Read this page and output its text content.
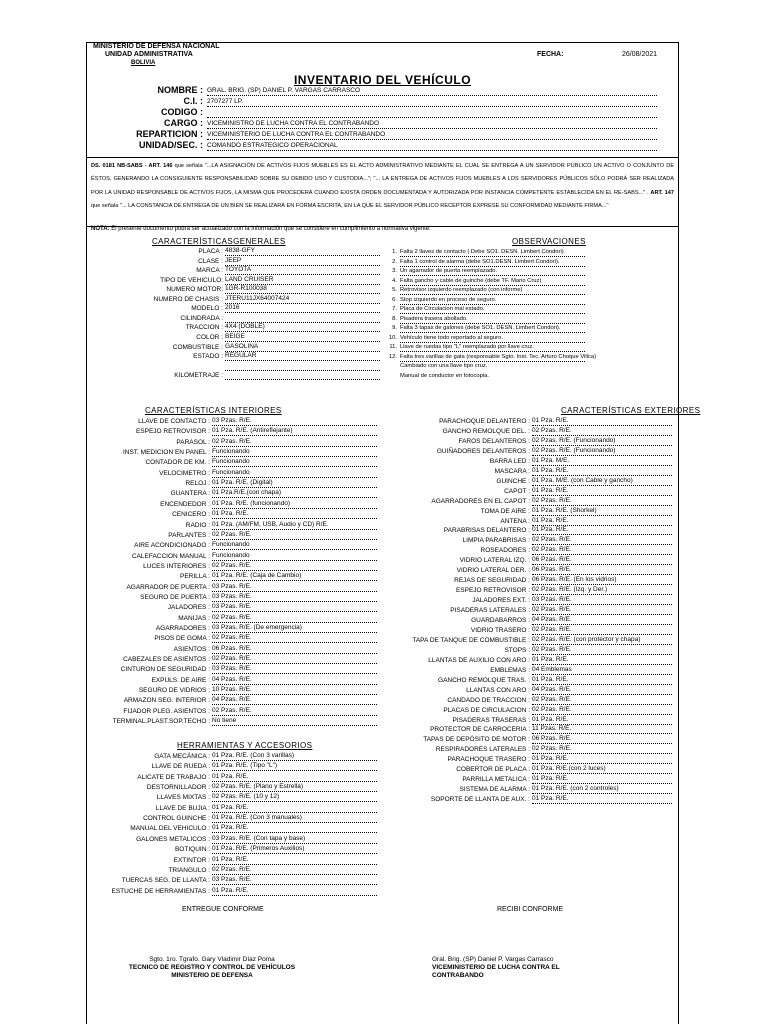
MINISTERIO DE DEFENSA NACIONAL
UNIDAD ADMINISTRATIVA
BOLIVIA
FECHA:	26/08/2021
INVENTARIO DEL VEHÍCULO
NOMBRE : GRAL. BRIG. (SP) DANIEL P. VARGAS CARRASCO
C.I. : 2707277 LP.
CODIGO :
CARGO : VICEMINISTRO DE LUCHA CONTRA EL CONTRABANDO
REPARTICION : VICEMINISTERIO DE LUCHA CONTRA EL CONTRABANDO
UNIDAD/SEC. : COMANDO ESTRATEGICO OPERACIONAL
DS. 0181 NB-SABS - ART. 146 que señala "...LA ASIGNACIÓN DE ACTIVOS FIJOS MUEBLES ES EL ACTO ADMINISTRATIVO MEDIANTE EL CUAL SE ENTREGA A UN SERVIDOR PÚBLICO UN ACTIVO O CONJUNTO DE ÉSTOS, GENERANDO LA CONSIGUIENTE RESPONSABILIDAD SOBRE SU DEBIDO USO Y CUSTODIA..."; "... LA ENTREGA DE ACTIVOS FIJOS MUEBLES A LOS SERVIDORES PÚBLICOS SÓLO PODRÁ SER REALIZADA POR LA UNIDAD RESPONSABLE DE ACTIVOS FIJOS, LA MISMA QUE PROCEDERÁ CUANDO EXISTA ORDEN DOCUMENTADA Y AUTORIZADA POR INSTANCIA COMPETENTE ESTABLECIDA EN EL RE-SABS..." . ART. 147 que señala "... LA CONSTANCIA DE ENTREGA DE UN BIEN SE REALIZARÁ EN FORMA ESCRITA, EN LA QUE EL SERVIDOR PÚBLICO RECEPTOR EXPRESE SU CONFORMIDAD MEDIANTE FIRMA..."
NOTA: El presente documento podrá ser actualizado con la información que se considere en cumplimiento a normativa vigente.
CARACTERÍSTICASGENERALES
PLACA : 4838-GFY
CLASE : JEEP
MARCA : TOYOTA
TIPO DE VEHICULO: LAND CRUISER
NUMERO MOTOR: 1GR-R100038
NUMERO DE CHASIS : JTERU11JX64007424
MODELO : 2016
CILINDRADA :
TRACCION : 4X4 (DOBLE)
COLOR : BEIGE
COMBUSTIBLE : GASOLINA
ESTADO : REGULAR
KILOMETRAJE :
OBSERVACIONES
1. Falta 2 llaves de contacto ( Debe SO1. DESN. Limbert Condori)
2. Falta 1 control de alarma (debe SO1.DESN. Limbert Condori).
3. Un agarrador de puerta reemplazado.
4. Falta gancho y cable de guinche (debe TF. Mario Cruz)
5. Retrovisor izquierdo reemplazado (con informe)
6. Stop izquierdo en proceso de seguro.
7. Placa de Circulacion mal estado.
8. Pisadera trasera abollado.
9. Falta 3 tapas de galones (debe SO1. DESN. Limbert Condori).
10. Vehículo tiene todo reportado al seguro.
11. Llave de ruedas tipo "L" reemplazado por llave cruz.
12. Falta tres varillas de gata (responsable Sgto. Inst. Tec. Arturo Choque Villca)
Cambiado con una llave tipo cruz.
Manual de conductor en fotocopia.
CARACTERÍSTICAS INTERIORES
LLAVE DE CONTACTO : 03 Pzas. R/E.
ESPEJO RETROVISOR : 01 Pza. R/E. (Antireflejante)
PARASOL : 02 Pzas. R/E.
INST. MEDICION EN PANEL : Funcionando
CONTADOR DE KM. : Funcionando
VELOCIMETRO : Funcionando
RELOJ : 01 Pza. R/E. (Digital)
GUANTERA : 01 Pza.R/E.(con chapa)
ENCENDEDOR : 01 Pza. R/E. (funcionando)
CENICERO : 01 Pza. R/E.
RADIO : 01 Pza. (AM/FM, USB, Audio y CD) R/E.
PARLANTES : 02 Pzas. R/E.
AIRE ACONDICIONADO : Funcionando
CALEFACCION MANUAL : Funcionando
LUCES INTERIORES : 02 Pzas. R/E.
PERILLA : 01 Pza. R/E. (Caja de Cambio)
AGARRADOR DE PUERTA : 03 Pzas. R/E.
SEGURO DE PUERTA : 03 Pzas. R/E.
JALADORES : 03 Pzas. R/E.
MANIJAS : 02 Pzas. R/E.
AGARRADORES : 03 Pzas. R/E. (De emergencia)
PISOS DE GOMA : 02 Pzas. R/E.
ASIENTOS : 06 Pzas. R/E.
CABEZALES DE ASIENTOS : 02 Pzas. R/E.
CINTURON DE SEGURIDAD : 03 Pzas. R/E.
EXPULS. DE AIRE : 04 Pzas. R/E.
SEGURO DE VIDRIOS : 10 Pzas. R/E.
ARMAZON SEG. INTERIOR : 04 Pzas. R/E.
FIJADOR PLEG. ASIENTOS : 02 Pzas. R/E.
TERMINAL.PLAST.SOP.TECHO : No tiene
CARACTERÍSTICAS EXTERIORES
PARACHOQUE DELANTERO : 01 Pza. R/E.
GANCHO REMOLQUE DEL. : 02 Pzas. R/E.
FAROS DELANTEROS : 02 Pzas. R/E. (Funcionando)
GUIÑADORES DELANTEROS : 02 Pzas. R/E. (Funcionando)
BARRA LED : 01 Pza. M/E.
MASCARA : 01 Pza. R/E.
GUINCHE : 01 Pza. M/E. (con Cable y gancho)
CAPOT : 01 Pza. R/E.
AGARRADORES EN EL CAPOT : 02 Pzas. R/E.
TOMA DE AIRE : 01 Pza. R/E. (Shorkel)
ANTENA : 01 Pza. R/E.
PARABRISAS DELANTERO : 01 Pza. R/E.
LIMPIA PARABRISAS : 02 Pzas. R/E.
ROSEADORES : 02 Pzas. R/E.
VIDRIO LATERAL IZQ. : 06 Pzas. R/E.
VIDRIO LATERAL DER. : 06 Pzas. R/E.
REJAS DE SEGURIDAD : 06 Pzas. R/E. (En los vidrios)
ESPEJO RETROVISOR : 02 Pzas. R/E. (Izq. y Der.)
JALADORES EXT. : 03 Pzas. R/E.
PISADERAS LATERALES : 02 Pzas. R/E.
GUARDABARROS : 04 Pzas. R/E.
VIDRIO TRASERO : 02 Pzas. R/E.
TAPA DE TANQUE DE COMBUSTIBLE : 02 Pzas. R/E. (con protector y chapa)
STOPS : 02 Pzas. R/E.
LLANTAS DE AUXILIO CON ARO : 01 Pza. R/E.
EMBLEMAS : 04 Emblemas
GANCHO REMOLQUE TRAS. : 01 Pza. R/E.
LLANTAS CON ARO : 04 Pzas. R/E.
CANDADO DE TRACCION : 02 Pzas. R/E.
PLACAS DE CIRCULACION : 02 Pzas. R/E.
PISADERAS TRASERAS : 01 Pza. R/E.
PROTECTOR DE CARROCERIA : 11 Pzas. R/E.
TAPAS DE DEPÓSITO DE MOTOR : 06 Pzas. R/E.
RESPIRADORES LATERALES : 02 Pzas. R/E.
PARACHOQUE TRASERO : 01 Pza. R/E.
COBERTOR DE PLACA : 01 Pza. R/E.(con 2 luces)
PARRILLA METALICA : 01 Pza. R/E.
SISTEMA DE ALARMA : 01 Pza. R/E. (con 2 controles)
SOPORTE DE LLANTA DE AUX. : 01 Pza. R/E.
HERRAMIENTAS Y ACCESORIOS
GATA MECÁNICA : 01 Pza. R/E. (Con 3 varillas)
LLAVE DE RUEDA : 01 Pza. R/E. (Tipo "L")
ALICATE DE TRABAJO : 01 Pza. R/E.
DESTORNILLADOR : 02 Pzas. R/E. (Plano y Estrella)
LLAVES MIXTAS : 02 Pzas. R/E. (10 y 12)
LLAVE DE BUJIA : 01 Pza. R/E.
CONTROL GUINCHE : 01 Pza. R/E. (Con 3 manuales)
MANUAL DEL VEHICULO : 01 Pza. R/E.
GALONES METALICOS : 03 Pzas. R/E. (Con tapa y base)
BOTIQUIN : 01 Pza. R/E. (Primeros Auxilios)
EXTINTOR : 01 Pza. R/E.
TRIANGULO : 02 Pzas. R/E.
TUERCAS SEG. DE LLANTA : 03 Pzas. R/E.
ESTUCHE DE HERRAMIENTAS : 01 Pza. R/E.
ENTREGUE CONFORME	RECIBI CONFORME
Sgto. 1ro. Tgrafo. Gary Vladimir Díaz Poma
TECNICO DE REGISTRO Y CONTROL DE VEHÍCULOS
MINISTERIO DE DEFENSA
Gral. Brig. (SP) Daniel P. Vargas Carrasco
VICEMINISTERIO DE LUCHA CONTRA EL
CONTRABANDO
